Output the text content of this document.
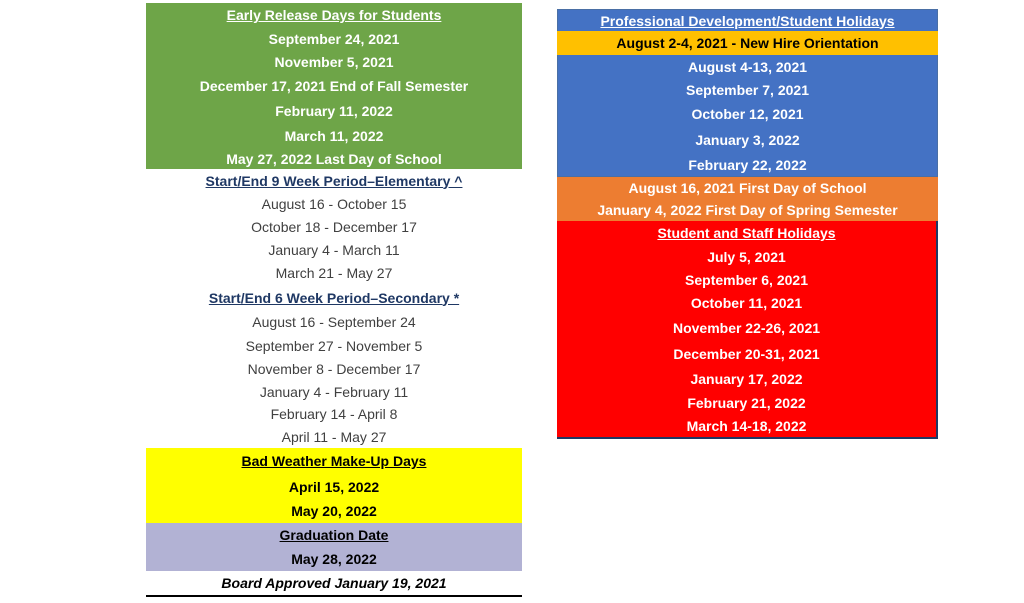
Early Release Days for Students
September 24, 2021
November 5, 2021
December 17, 2021 End of Fall Semester
February 11, 2022
March 11, 2022
May 27, 2022 Last Day of School
Start/End 9 Week Period–Elementary ^
August 16 - October 15
October 18 - December 17
January 4 - March 11
March 21 - May 27
Start/End 6 Week Period–Secondary *
August 16 - September 24
September 27 - November 5
November 8 - December 17
January 4 - February 11
February 14 - April 8
April 11 - May 27
Bad Weather Make-Up Days
April 15, 2022
May 20, 2022
Graduation Date
May 28, 2022
Board Approved January 19, 2021
Professional Development/Student Holidays
August 2-4, 2021 - New Hire Orientation
August 4-13, 2021
September 7, 2021
October 12, 2021
January 3, 2022
February 22, 2022
August 16, 2021 First Day of School
January 4, 2022 First Day of Spring Semester
Student and Staff Holidays
July 5, 2021
September 6, 2021
October 11, 2021
November 22-26, 2021
December 20-31, 2021
January 17, 2022
February 21, 2022
March 14-18, 2022
